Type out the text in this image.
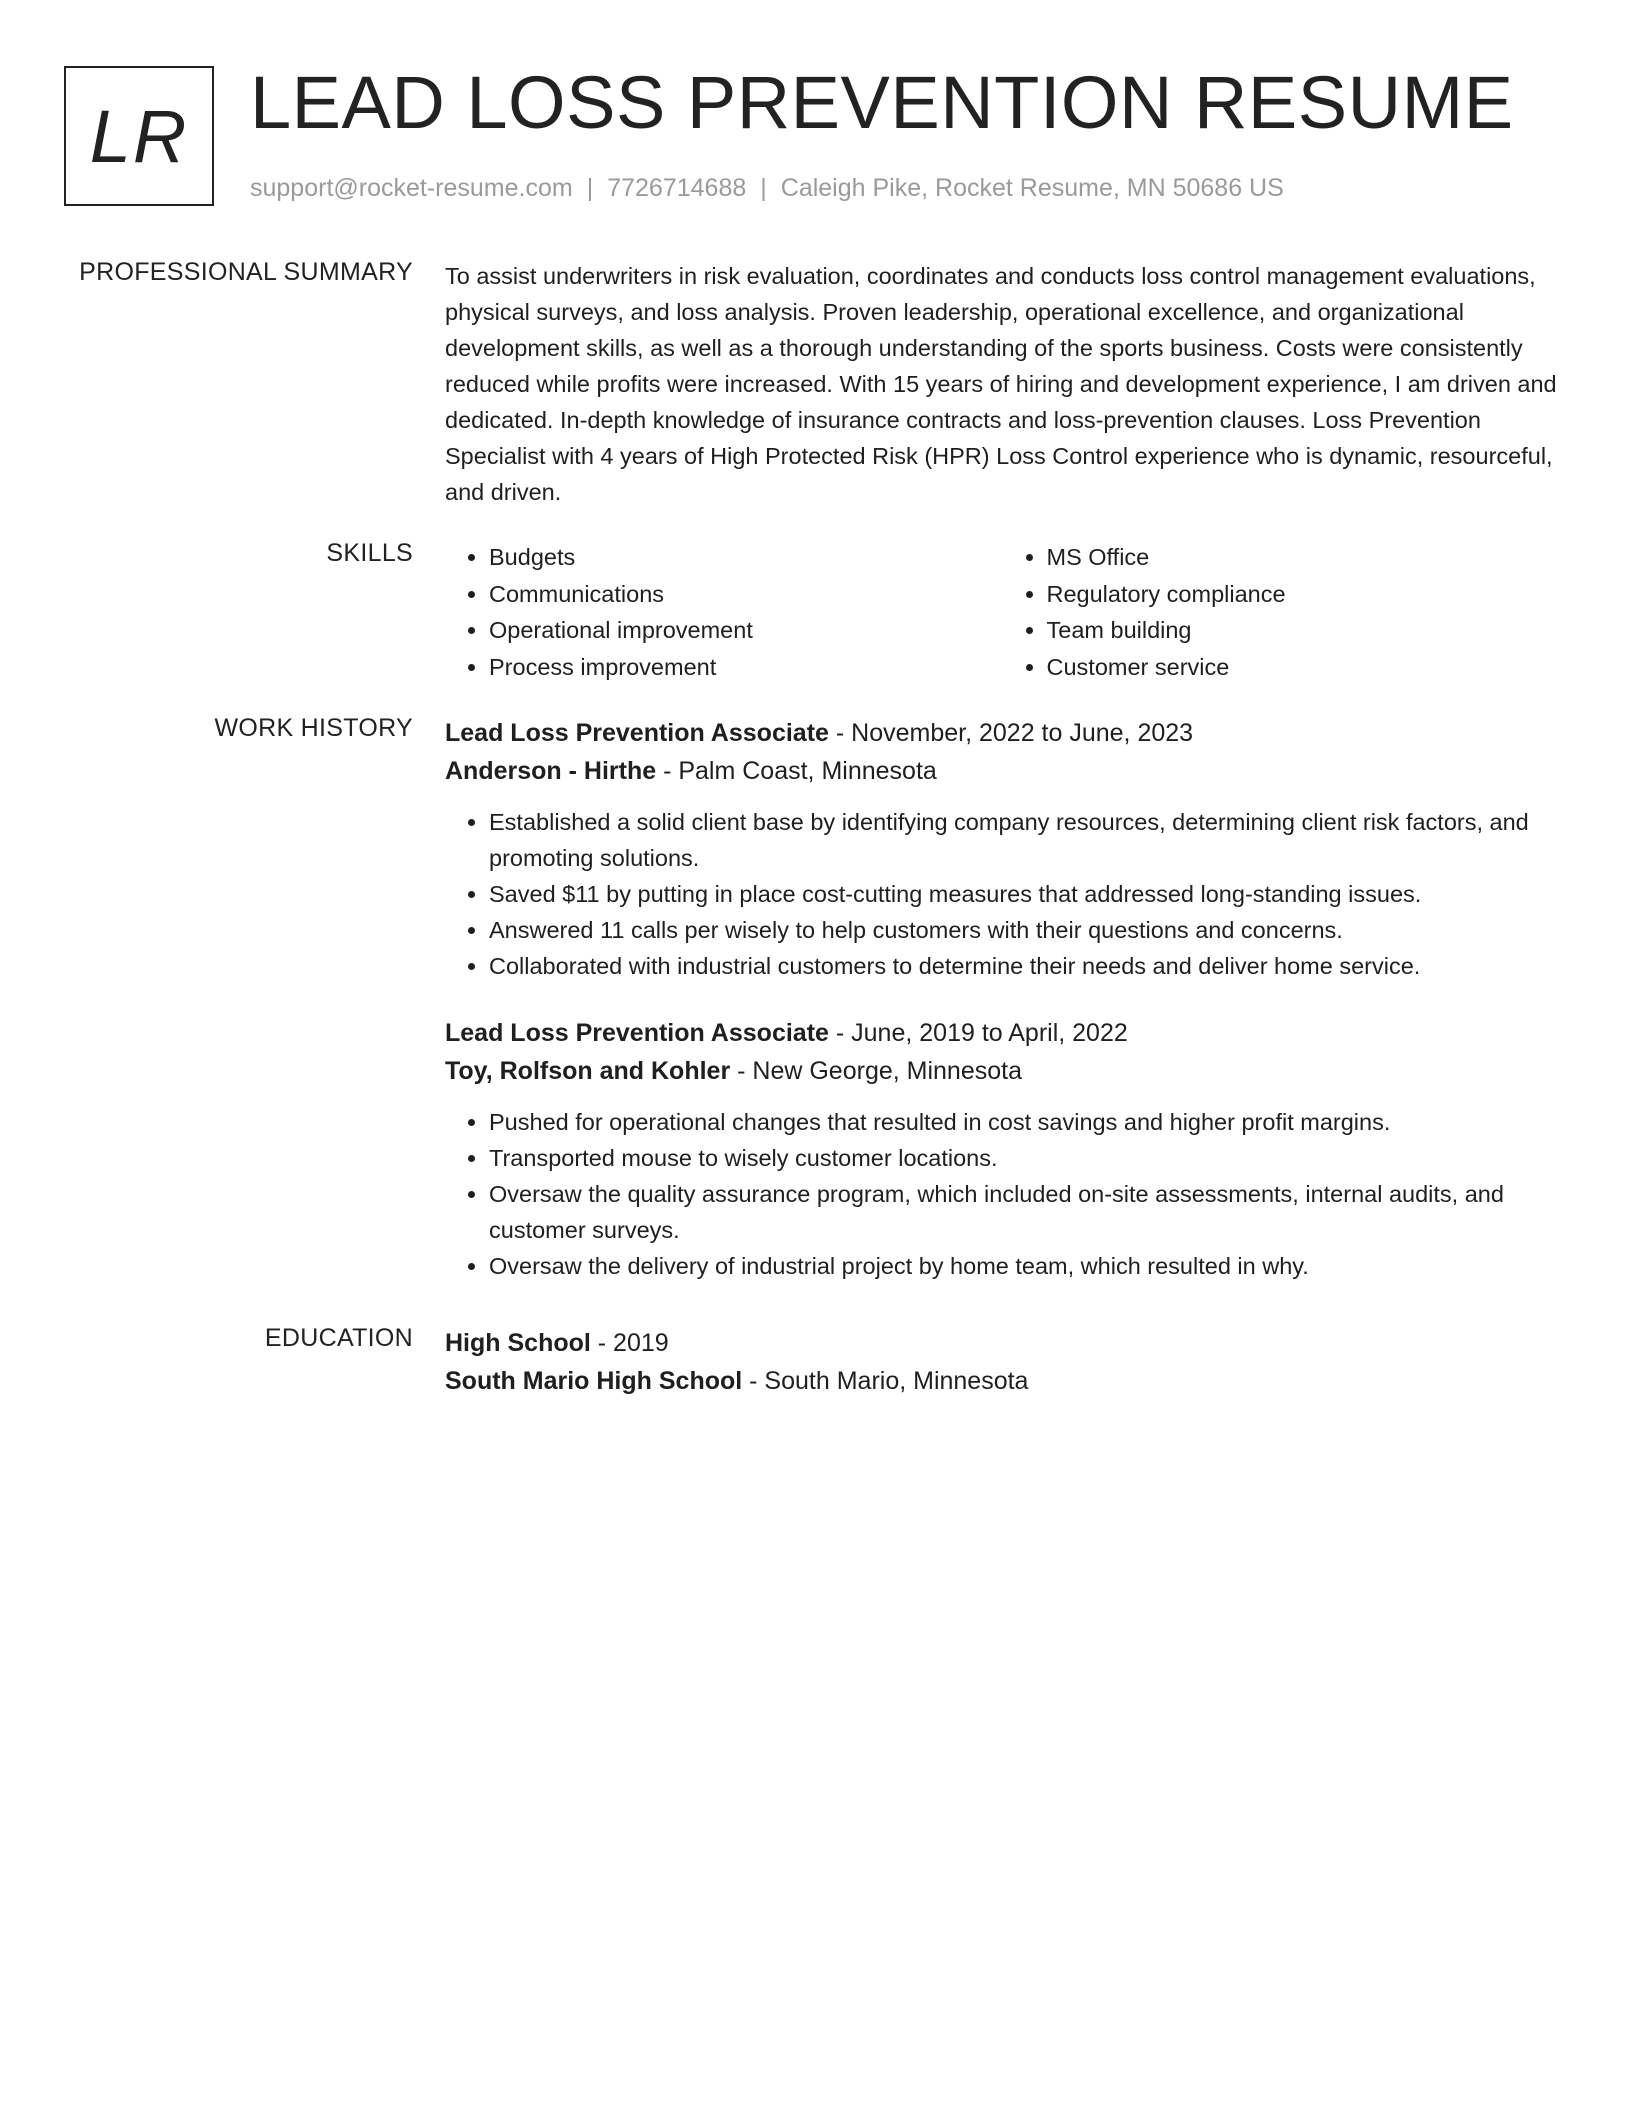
LR LEAD LOSS PREVENTION RESUME
support@rocket-resume.com | 7726714688 | Caleigh Pike, Rocket Resume, MN 50686 US
PROFESSIONAL SUMMARY To assist underwriters in risk evaluation, coordinates and conducts loss control management evaluations, physical surveys, and loss analysis. Proven leadership, operational excellence, and organizational development skills, as well as a thorough understanding of the sports business. Costs were consistently reduced while profits were increased. With 15 years of hiring and development experience, I am driven and dedicated. In-depth knowledge of insurance contracts and loss-prevention clauses. Loss Prevention Specialist with 4 years of High Protected Risk (HPR) Loss Control experience who is dynamic, resourceful, and driven.

SKILLS
•	Budgets
• Communications
• Operational improvement
• Process improvement
• MS Office
• Regulatory compliance
• Team building
• Customer service
WORK HISTORY Lead Loss Prevention Associate - November, 2022 to June, 2023
Anderson - Hirthe - Palm Coast, Minnesota
• Established a solid client base by identifying company resources, determining client risk factors, and promoting solutions.
• Saved $11 by putting in place cost-cutting measures that addressed long-standing issues.
• Answered 11 calls per wisely to help customers with their questions and concerns.
• Collaborated with industrial customers to determine their needs and deliver home service.
Lead Loss Prevention Associate - June, 2019 to April, 2022
Toy, Rolfson and Kohler - New George, Minnesota
• Pushed for operational changes that resulted in cost savings and higher profit margins.
• Transported mouse to wisely customer locations.
• Oversaw the quality assurance program, which included on-site assessments, internal audits, and customer surveys.
• Oversaw the delivery of industrial project by home team, which resulted in why.
EDUCATION High School - 2019
South Mario High School - South Mario, Minnesota
